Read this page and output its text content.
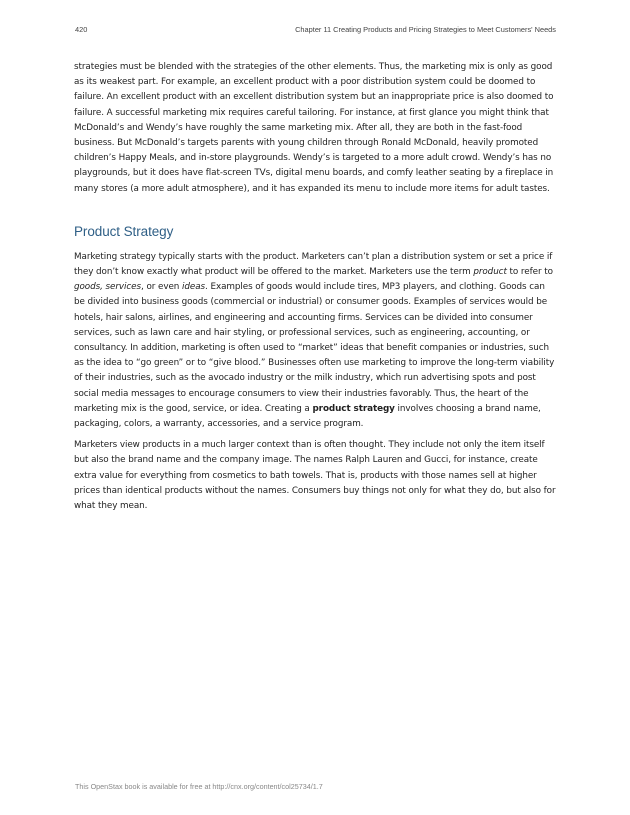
420	Chapter 11 Creating Products and Pricing Strategies to Meet Customers' Needs

strategies must be blended with the strategies of the other elements. Thus, the marketing mix is only as good as its weakest part. For example, an excellent product with a poor distribution system could be doomed to failure. An excellent product with an excellent distribution system but an inappropriate price is also doomed to failure. A successful marketing mix requires careful tailoring. For instance, at first glance you might think that McDonald’s and Wendy’s have roughly the same marketing mix. After all, they are both in the fast-food business. But McDonald’s targets parents with young children through Ronald McDonald, heavily promoted children’s Happy Meals, and in-store playgrounds. Wendy’s is targeted to a more adult crowd. Wendy’s has no playgrounds, but it does have flat-screen TVs, digital menu boards, and comfy leather seating by a fireplace in many stores (a more adult atmosphere), and it has expanded its menu to include more items for adult tastes.

Product Strategy

Marketing strategy typically starts with the product. Marketers can’t plan a distribution system or set a price if they don’t know exactly what product will be offered to the market. Marketers use the term product to refer to goods, services, or even ideas. Examples of goods would include tires, MP3 players, and clothing. Goods can be divided into business goods (commercial or industrial) or consumer goods. Examples of services would be hotels, hair salons, airlines, and engineering and accounting firms. Services can be divided into consumer services, such as lawn care and hair styling, or professional services, such as engineering, accounting, or consultancy. In addition, marketing is often used to “market” ideas that benefit companies or industries, such as the idea to “go green” or to “give blood.” Businesses often use marketing to improve the long-term viability of their industries, such as the avocado industry or the milk industry, which run advertising spots and post social media messages to encourage consumers to view their industries favorably. Thus, the heart of the marketing mix is the good, service, or idea. Creating a product strategy involves choosing a brand name, packaging, colors, a warranty, accessories, and a service program.

Marketers view products in a much larger context than is often thought. They include not only the item itself but also the brand name and the company image. The names Ralph Lauren and Gucci, for instance, create extra value for everything from cosmetics to bath towels. That is, products with those names sell at higher prices than identical products without the names. Consumers buy things not only for what they do, but also for what they mean.

This OpenStax book is available for free at http://cnx.org/content/col25734/1.7
